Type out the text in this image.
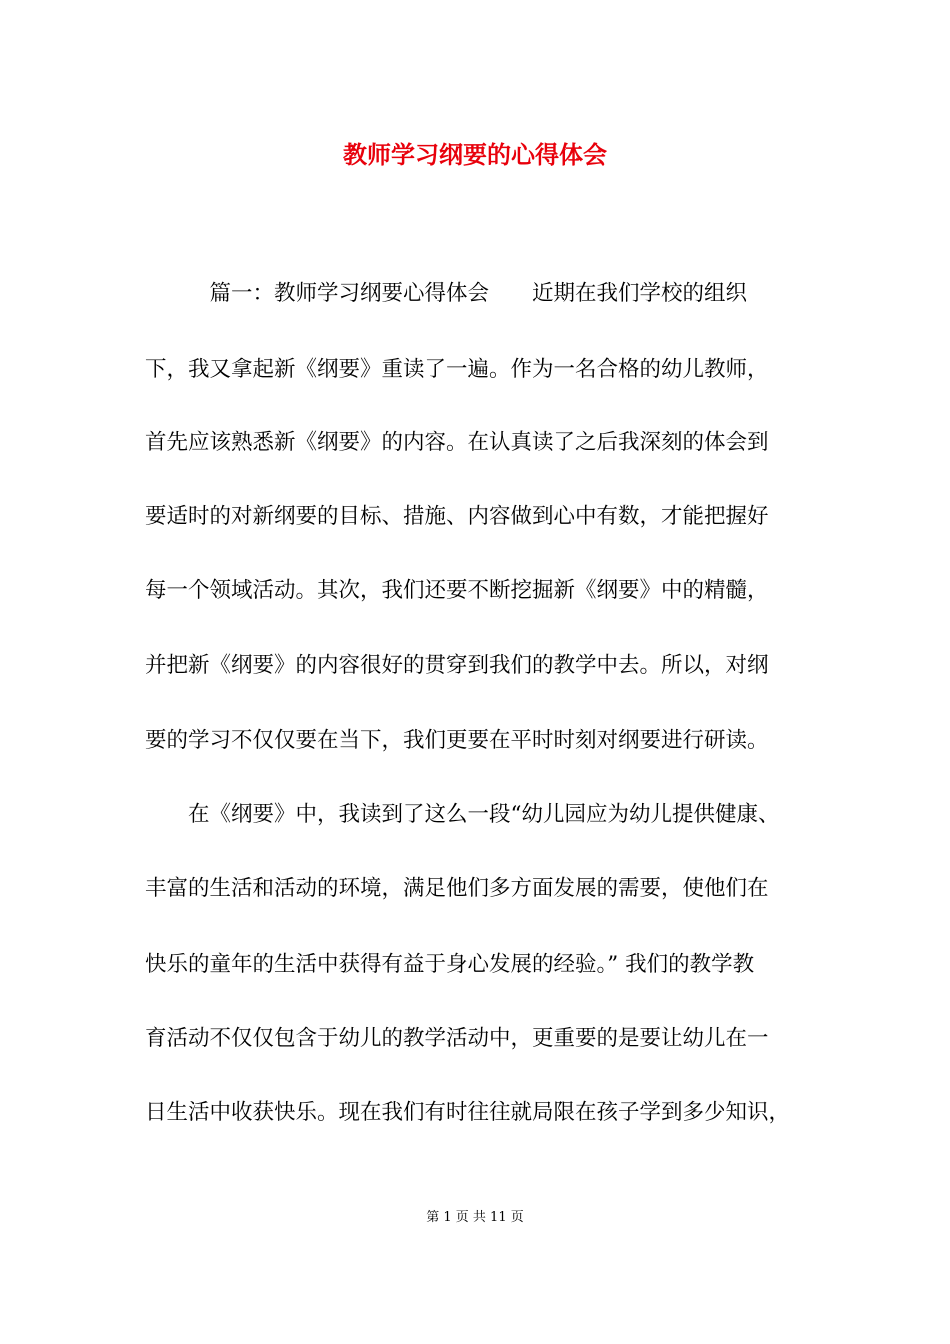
教师学习纲要的心得体会
　　　篇一：教师学习纲要心得体会　　近期在我们学校的组织
下，我又拿起新《纲要》重读了一遍。作为一名合格的幼儿教师，
首先应该熟悉新《纲要》的内容。在认真读了之后我深刻的体会到
要适时的对新纲要的目标、措施、内容做到心中有数，才能把握好
每一个领域活动。其次，我们还要不断挖掘新《纲要》中的精髓，
并把新《纲要》的内容很好的贯穿到我们的教学中去。所以，对纲
要的学习不仅仅要在当下，我们更要在平时时刻对纲要进行研读。
　　在《纲要》中，我读到了这么一段“幼儿园应为幼儿提供健康、
丰富的生活和活动的环境，满足他们多方面发展的需要，使他们在
快乐的童年的生活中获得有益于身心发展的经验。” 我们的教学教
育活动不仅仅包含于幼儿的教学活动中，更重要的是要让幼儿在一
日生活中收获快乐。现在我们有时往往就局限在孩子学到多少知识，
第 1 页 共 11 页
